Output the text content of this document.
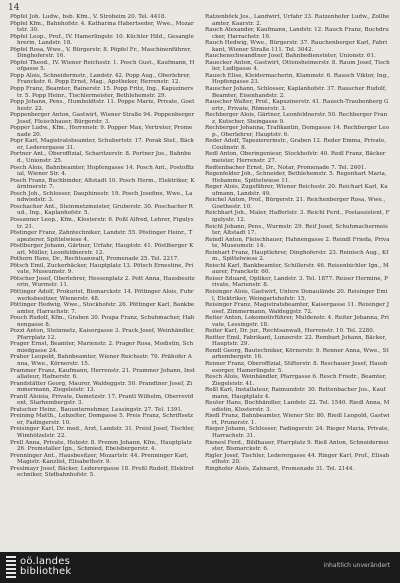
14
Pöpfel Joh. Ludw., bsb. Kfm., V. Stroheim 20. Tel. 4418.
Pöpfel Kfm., Bahnhofstr. 4. Katharina Habertseder, Wwe., Mozartstr. 30.
Pöpfel Leop., Prof., IV. Hamerlingstr. 10. Küchler Hild., Gesanglehrerin, Landstr. 18.
Pöpfel Rosa, Wwe., V. Bürgerstr. 8. Pöpfel Fr., Maschinenführer, Dinghoferstr. 16.
Pöpfel Theod., IV. Wiener Reichsstr. 1. Posch Gust., Kaufmann, Hofgasse 5.
Popp Alois, Schneidermstr., Landstr. 42. Popp Aug., Oberlehrer, Franckstr. 6. Popp Ernst, Mag., Apotheker, Herrenstr. 12.
Popp Franz, Beamter, Rainerstr. 15. Popp Fritz, Ing., Kapuzinerstr. 5. Popp Heinr., Tischlermeister, Bethlehemstr. 29.
Popp Johann, Pens., Humboldtstr. 11. Poppe Marie, Private, Goethestr. 22.
Poppenberger Anton, Gastwirt, Wiener Straße 94. Poppenberger Josef, Fleischhauer, Bürgerstr. 3.
Popper Ludw., Kfm., Herrenstr. 9. Popper Max, Vertreter, Promenade 20.
Popr Karl, Magistratsbeamter, Schubertstr. 17. Porak Stef., Bäcker, Lederergasse 31.
Portner Ant., Oberoffizial, Scharitzerstr. 8. Portner Jos., Bahnbed., Unionstr. 25.
Posch Alois, Bahnbeamter, Hopfengasse 14. Posch Ant., Postoffizial, Wiener Str. 4.
Posch Franz, Buchbinder, Altstadt 10. Posch Herm., Elektriker, Kärntnerstr. 7.
Posch Joh., Schlosser, Dauphinestr. 19. Posch Josefine, Wwe., Landwiedstr. 3.
Poschacher Ant., Steinmetzmeister, Gruberstr. 30. Poschacher Rud., Ing., Kaplanhofstr. 5.
Possanner Leop., Kfm., Klosterstr. 6. Poßl Alfred, Lehrer, Figulystr. 21.
Pöstinger Franz, Zahntechniker, Landstr. 55. Pöstinger Heinr., Tapezierer, Spittelwiese 4.
Pöstlberger Johann, Gärtner, Urfahr, Hauptstr. 41. Pöstlberger Karl, Müller, Leonfeldnerstr. 12.
Pothorn Hans, Dr., Rechtsanwalt, Promenade 25. Tel. 2217.
Pötsch Emil, Zuckerbäcker, Hauptplatz 13. Pötsch Ernestine, Private, Museumstr. 9.
Pötscher Josef, Oberlehrer, Hessenplatz 2. Pott Anna, Hausbesitzerin, Wurmstr. 11.
Pöttinger Adolf, Prokurist, Bismarckstr. 14. Pöttinger Alois, Fuhrwerksbesitzer, Wienerstr. 48.
Pöttinger Hedwig, Wwe., Stockhofstr. 26. Pöttinger Karl, Bankbeamter, Harrachstr. 7.
Pouch Rudolf, Kfm., Graben 30. Poupa Franz, Schuhmacher, Hahnengasse 8.
Pozzi Anton, Steinmetz, Kaisergasse 3. Prack Josef, Weinhändler, Pfarrplatz 12.
Prager Ernst, Beamter, Marienstr. 2. Prager Rosa, Modistin, Schmiedgasse 24.
Praher Leopold, Bahnbeamter, Wiener Reichsstr. 76. Prähofer Anna, Wwe., Körnerstr. 15.
Prammer Franz, Kaufmann, Herrenstr. 21. Prammer Johann, Installateur, Hafnerstr. 6.
Prandstätter Georg, Maurer, Waldeggstr. 50. Prandtner Josef, Zimmermann, Ziegeleistr. 13.
Prantl Aloisia, Private, Dametzstr. 17. Prantl Wilhelm, Oberrevident, Starhembergstr. 3.
Pratscher Heinr., Bauunternehmer, Lessingstr. 27. Tel. 1391.
Preining Matth., Lebzelter, Domgasse 5. Preis Franz, Schriftsetzer, Fadingerstr. 10.
Preisinger Karl, Dr. med., Arzt, Landstr. 31. Preisl Josef, Tischler, Wimhölzelstr. 22.
Prell Anna, Private, Holzstr. 8. Premm Johann, Kfm., Hauptplatz 26. Premstaller Ign., Schmied, Ebelsbergerstr. 4.
Prenninger Ant., Hausbesitzer, Mozartstr. 44. Prenninger Karl, Magistr.-Kanzlist, Elisabethstr. 9.
Preslmayr Josef, Bäcker, Lederergasse 18. Preßl Rudolf, Elektrotechniker, Südbahnhofstr. 5.
Ratzenböck Jos., Landwirt, Urfahr 33. Ratzenhofer Ludw., Zollbeamter, Kaarstr. 2.
Rauch Alexander, Kaufmann, Landstr. 12. Rauch Franz, Buchdrucker, Harrachstr. 19.
Rauch Hedwig, Wwe., Bürgerstr. 37. Rauchenberger Karl, Fabrikant, Wiener Straße 111. Tel. 3042.
Rauchenschwandtner Josef, Bahnbediensteter, Unionstr. 61.
Rauecker Anton, Gastwirt, Ottensheimerstr. 8. Raum Josef, Tischler, Ludlgasse 4.
Rausch Elise, Kleidermacherin, Klammstr. 6. Rausch Viktor, Ing., Hopfengasse 23.
Rauscher Johann, Schlosser, Kaplanhofstr. 37. Rauscher Rudolf, Beamter, Eisenhandstr. 2.
Rauscher Walter, Prof., Kapuzinerstr. 41. Rausch-Traubenberg Gertr., Private, Römerstr. 3.
Rechberger Alois, Gärtner, Leonfeldnerstr. 50. Rechberger Franz, Kutscher, Steingasse 9.
Rechberger Johanna, Trafikantin, Domgasse 14. Rechberger Leop., Oberlehrer, Hauptstr. 6.
Reder Adolf, Tapezierermstr., Graben 12. Reder Emma, Private, Coulinstr. 8.
Redl Anton, Oberingenieur, Stockhofstr. 40. Redl Franz, Bäckermeister, Herrenstr. 27.
Redtenbacher Ernst, Dr., Notar, Promenade 7. Tel. 2601.
Regenfelder Joh., Schneider, Bethlehemstr. 5. Regenhart Maria, Hebamme, Spittelwiese 11.
Reger Alois, Zugsführer, Wiener Reichsstr. 20. Reichart Karl, Kaufmann, Landstr. 49.
Reichel Anton, Prof., Bürgerstr. 21. Reichenberger Rosa, Wwe., Goethestr. 10.
Reichhart Joh., Maler, Hafferlstr. 3. Reichl Ferd., Postassistent, Figulystr. 12.
Reichl Johann, Pens., Wurmstr. 29. Reif Josef, Schuhmachermeister, Altstadt 17.
Reindl Anton, Fleischhauer, Hahnengasse 2. Reindl Frieda, Private, Museumstr. 14.
Reinhart Franz, Hauptlehrer, Dinghoferstr. 23. Reinisch Aug., Kfm., Spittelwiese 2.
Reischl Karl, Bankbeamter, Schillerstr. 46. Reisenbichler Ign., Maurer, Franckstr. 60.
Reiser Eduard, Optiker, Landstr. 3. Tel. 1877. Reiser Hermine, Private, Marienstr. 8.
Reisinger Alois, Gastwirt, Untere Donaulände 20. Reisinger Emil, Elektriker, Weingartshofstr. 15.
Reisinger Franz, Magistratsbeamter, Kaisergasse 11. Reisinger Josef, Zimmermann, Waldeggstr. 72.
Reiter Anton, Lokomotivführer, Muldenstr. 4. Reiter Johanna, Private, Lessingstr. 18.
Reiter Karl, Dr. jur., Rechtsanwalt, Herrenstr. 10. Tel. 2280.
Reitter Emil, Fabrikant, Lunzerstr. 22. Rembart Johann, Bäcker, Hauptstr. 29.
Rendl Georg, Bautechniker, Körnerstr. 9. Renner Anna, Wwe., Starhembergstr. 16.
Renner Franz, Oberoffizial, Stifterstr. 8. Reschauer Josef, Hausbesorger, Hamerlingstr. 5.
Resch Alois, Weinhändler, Pfarrgasse 6. Resch Friedr., Beamter, Ziegeleistr. 41.
Reßl Karl, Installateur, Raimundstr. 30. Rettenbacher Jos., Kaufmann, Hauptplatz 4.
Reuter Hans, Buchhändler, Landstr. 22. Tel. 1540. Riedl Anna, Modistin, Klosterstr. 3.
Riedl Franz, Bahnbeamter, Wiener Str. 80. Riedl Leopold, Gastwirt, Prunerstr. 1.
Rieger Johann, Schlosser, Fadingerstr. 24. Rieger Maria, Private, Harrachstr. 31.
Rienesl Ferd., Bildhauer, Pfarrplatz 9. Rieß Anton, Schneidermeister, Bismarckstr. 6.
Rigler Josef, Tischler, Lederergasse 44. Ringer Karl, Prof., Elisabethstr. 20.
Ringhofer Alois, Zahnarzt, Promenade 31. Tel. 2144.
oö.landes
bibliothek
inhaltlich unverändert
